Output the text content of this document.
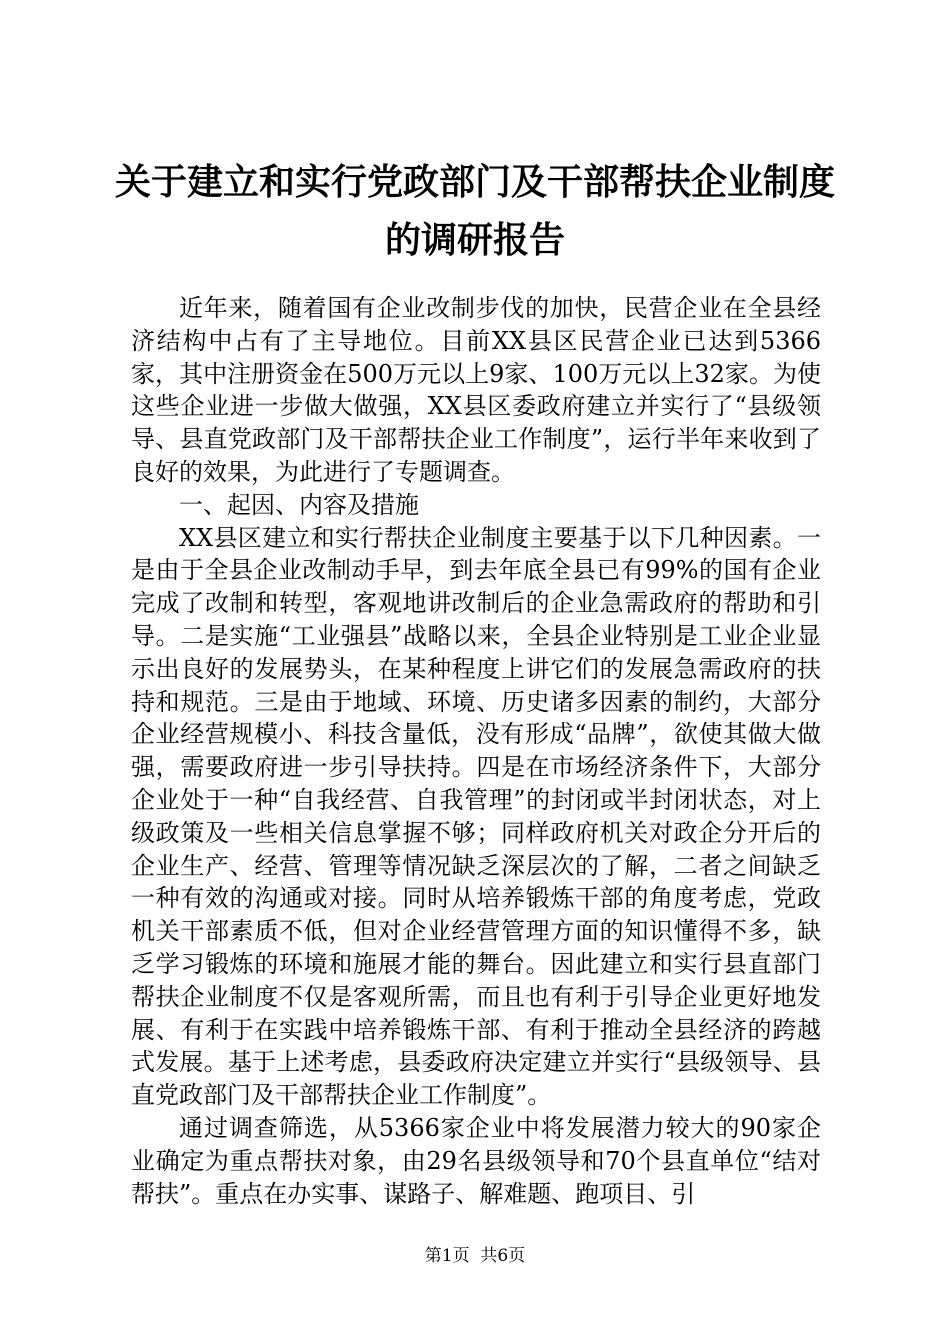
关于建立和实行党政部门及干部帮扶企业制度
的调研报告

近年来，随着国有企业改制步伐的加快，民营企业在全县经济结构中占有了主导地位。目前XX县区民营企业已达到5366家，其中注册资金在500万元以上9家、100万元以上32家。为使这些企业进一步做大做强，XX县区委政府建立并实行了“县级领导、县直党政部门及干部帮扶企业工作制度”，运行半年来收到了良好的效果，为此进行了专题调查。

一、起因、内容及措施

XX县区建立和实行帮扶企业制度主要基于以下几种因素。一是由于全县企业改制动手早，到去年底全县已有99%的国有企业完成了改制和转型，客观地讲改制后的企业急需政府的帮助和引导。二是实施“工业强县”战略以来，全县企业特别是工业企业显示出良好的发展势头，在某种程度上讲它们的发展急需政府的扶持和规范。三是由于地域、环境、历史诸多因素的制约，大部分企业经营规模小、科技含量低，没有形成“品牌”，欲使其做大做强，需要政府进一步引导扶持。四是在市场经济条件下，大部分企业处于一种“自我经营、自我管理”的封闭或半封闭状态，对上级政策及一些相关信息掌握不够；同样政府机关对政企分开后的企业生产、经营、管理等情况缺乏深层次的了解，二者之间缺乏一种有效的沟通或对接。同时从培养锻炼干部的角度考虑，党政机关干部素质不低，但对企业经营管理方面的知识懂得不多，缺乏学习锻炼的环境和施展才能的舞台。因此建立和实行县直部门帮扶企业制度不仅是客观所需，而且也有利于引导企业更好地发展、有利于在实践中培养锻炼干部、有利于推动全县经济的跨越式发展。基于上述考虑，县委政府决定建立并实行“县级领导、县直党政部门及干部帮扶企业工作制度”。

通过调查筛选，从5366家企业中将发展潜力较大的90家企业确定为重点帮扶对象，由29名县级领导和70个县直单位“结对帮扶”。重点在办实事、谋路子、解难题、跑项目、引

第1页  共6页
